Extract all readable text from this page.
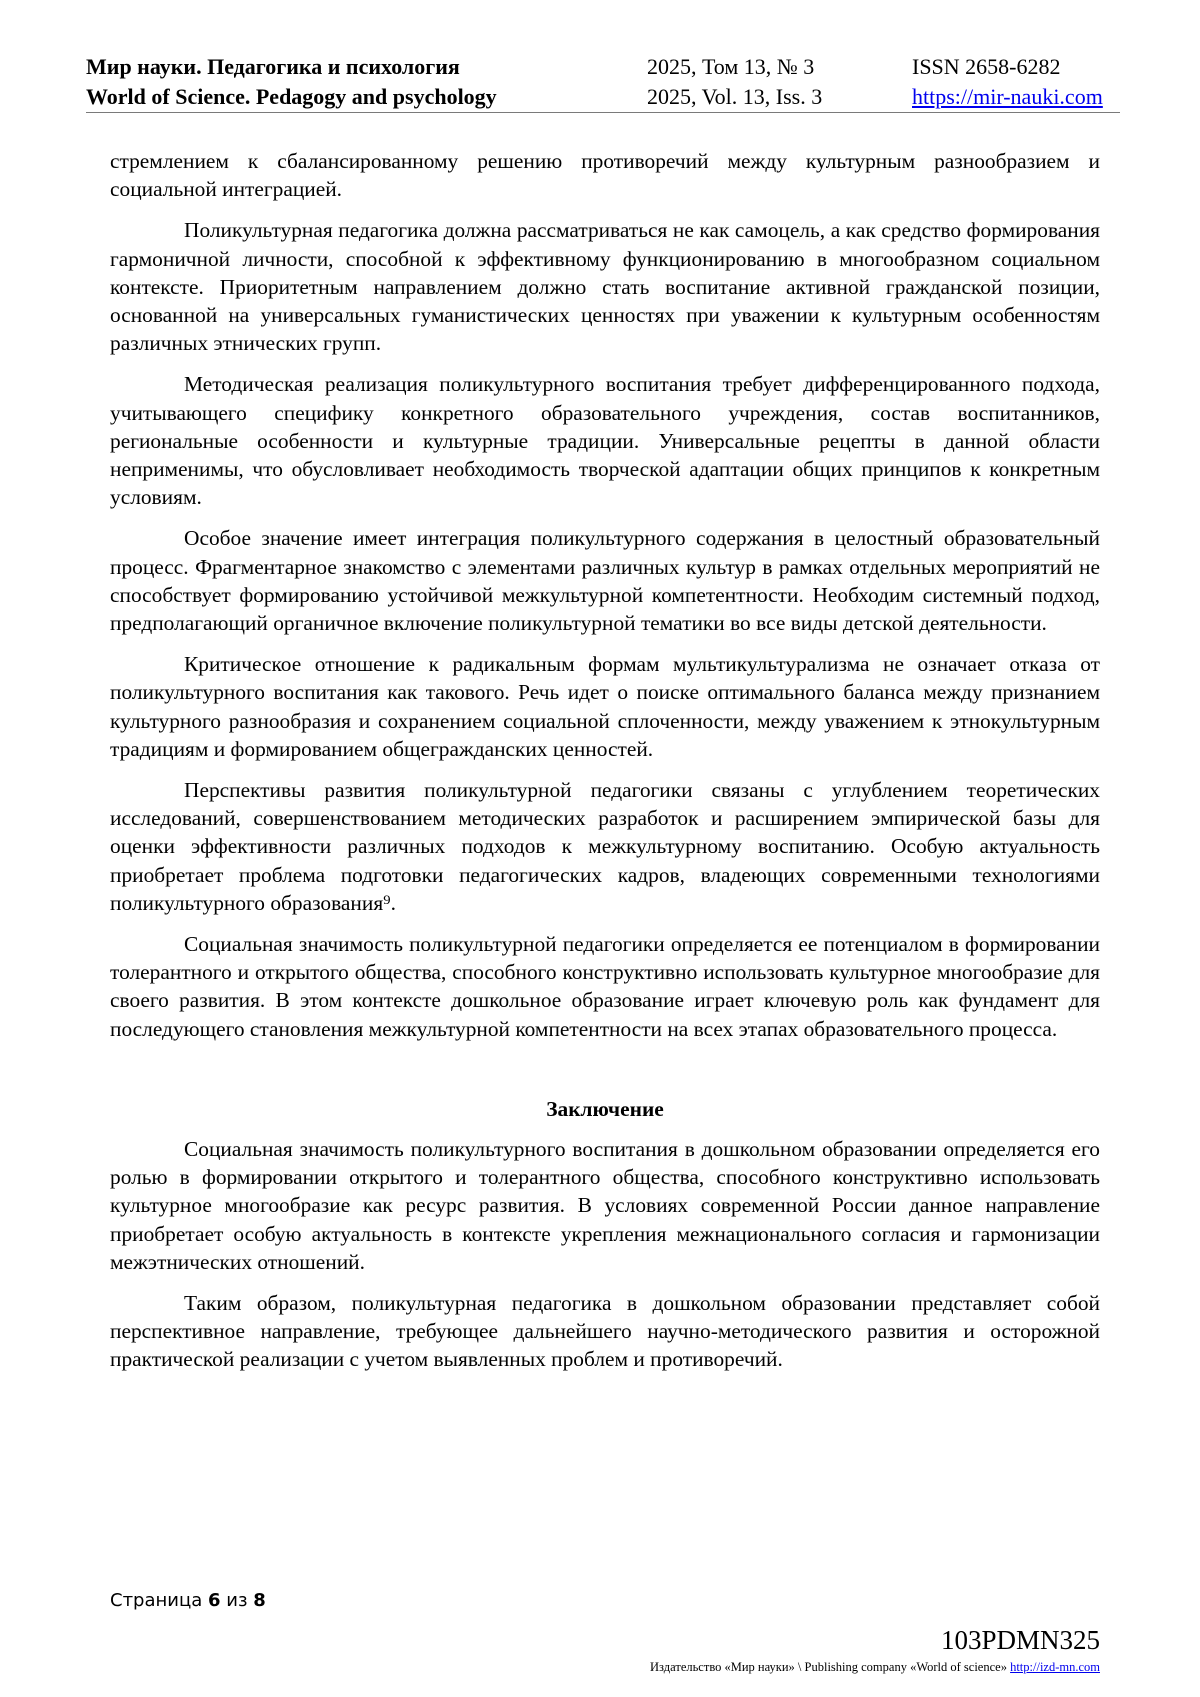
Мир науки. Педагогика и психология
World of Science. Pedagogy and psychology
2025, Том 13, № 3
2025, Vol. 13, Iss. 3
ISSN 2658-6282
https://mir-nauki.com

стремлением к сбалансированному решению противоречий между культурным разнообразием и социальной интеграцией.

Поликультурная педагогика должна рассматриваться не как самоцель, а как средство формирования гармоничной личности, способной к эффективному функционированию в многообразном социальном контексте. Приоритетным направлением должно стать воспитание активной гражданской позиции, основанной на универсальных гуманистических ценностях при уважении к культурным особенностям различных этнических групп.

Методическая реализация поликультурного воспитания требует дифференцированного подхода, учитывающего специфику конкретного образовательного учреждения, состав воспитанников, региональные особенности и культурные традиции. Универсальные рецепты в данной области неприменимы, что обусловливает необходимость творческой адаптации общих принципов к конкретным условиям.

Особое значение имеет интеграция поликультурного содержания в целостный образовательный процесс. Фрагментарное знакомство с элементами различных культур в рамках отдельных мероприятий не способствует формированию устойчивой межкультурной компетентности. Необходим системный подход, предполагающий органичное включение поликультурной тематики во все виды детской деятельности.

Критическое отношение к радикальным формам мультикультурализма не означает отказа от поликультурного воспитания как такового. Речь идет о поиске оптимального баланса между признанием культурного разнообразия и сохранением социальной сплоченности, между уважением к этнокультурным традициям и формированием общегражданских ценностей.

Перспективы развития поликультурной педагогики связаны с углублением теоретических исследований, совершенствованием методических разработок и расширением эмпирической базы для оценки эффективности различных подходов к межкультурному воспитанию. Особую актуальность приобретает проблема подготовки педагогических кадров, владеющих современными технологиями поликультурного образования⁹.

Социальная значимость поликультурной педагогики определяется ее потенциалом в формировании толерантного и открытого общества, способного конструктивно использовать культурное многообразие для своего развития. В этом контексте дошкольное образование играет ключевую роль как фундамент для последующего становления межкультурной компетентности на всех этапах образовательного процесса.

Заключение

Социальная значимость поликультурного воспитания в дошкольном образовании определяется его ролью в формировании открытого и толерантного общества, способного конструктивно использовать культурное многообразие как ресурс развития. В условиях современной России данное направление приобретает особую актуальность в контексте укрепления межнационального согласия и гармонизации межэтнических отношений.

Таким образом, поликультурная педагогика в дошкольном образовании представляет собой перспективное направление, требующее дальнейшего научно-методического развития и осторожной практической реализации с учетом выявленных проблем и противоречий.

Страница 6 из 8
103PDMN325
Издательство «Мир науки» \ Publishing company «World of science» http://izd-mn.com
